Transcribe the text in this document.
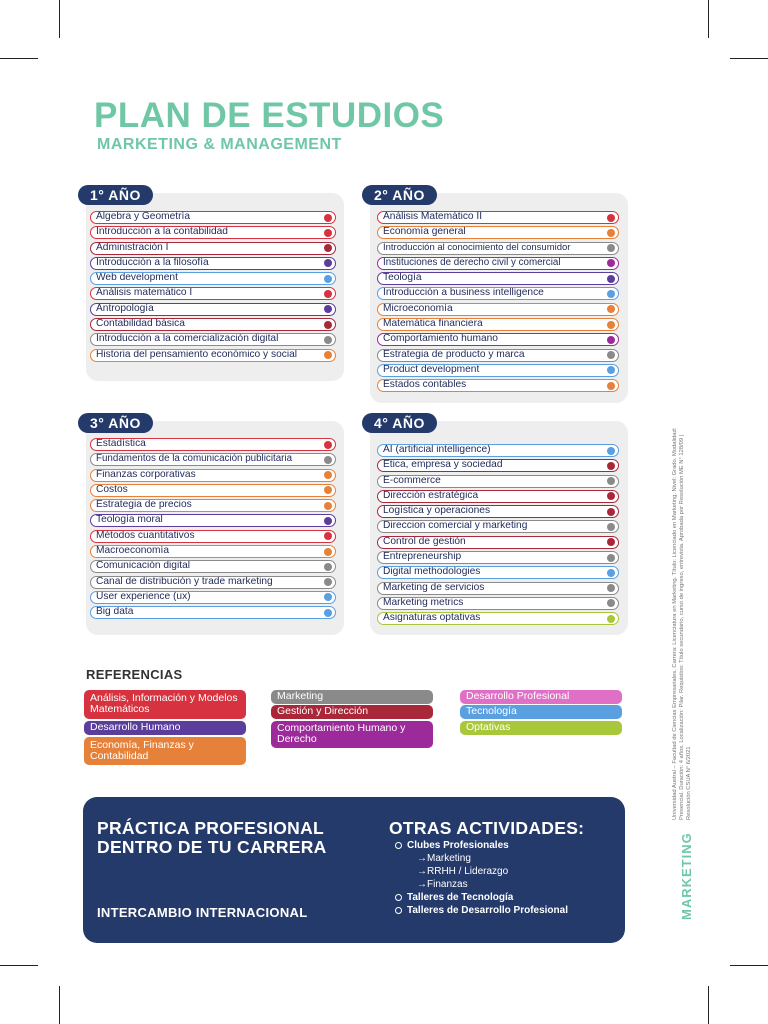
PLAN DE ESTUDIOS
MARKETING & MANAGEMENT
1° AÑO
Álgebra y Geometría
Introducción a la contabilidad
Administración I
Introducción a la filosofía
Web development
Análisis matemático I
Antropología
Contabilidad básica
Introducción a la comercialización digital
Historia del pensamiento económico y social
2° AÑO
Análisis Matemático II
Economía general
Introducción al conocimiento del consumidor
Instituciones de derecho civil y comercial
Teología
Introducción a business intelligence
Microeconomía
Matemática financiera
Comportamiento humano
Estrategia de producto y marca
Product development
Estados contables
3° AÑO
Estadística
Fundamentos de la comunicación publicitaria
Finanzas corporativas
Costos
Estrategia de precios
Teología moral
Métodos cuantitativos
Macroeconomía
Comunicación digital
Canal de distribución y trade marketing
User experience (ux)
Big data
4° AÑO
AI (artificial intelligence)
Ética, empresa y sociedad
E-commerce
Dirección estratégica
Logística y operaciones
Direccion comercial y marketing
Control de gestión
Entrepreneurship
Digital methodologies
Marketing de servicios
Marketing metrics
Asignaturas optativas
REFERENCIAS
Análisis, Información y Modelos Matemáticos
Desarrollo Humano
Economía, Finanzas y Contabilidad
Marketing
Gestión y Dirección
Comportamiento Humano y Derecho
Desarrollo Profesional
Tecnología
Optativas
PRÁCTICA PROFESIONAL DENTRO DE TU CARRERA
INTERCAMBIO INTERNACIONAL
OTRAS ACTIVIDADES:
Clubes Profesionales
→Marketing
→RRHH / Liderazgo
→Finanzas
Talleres de Tecnología
Talleres de Desarrollo Profesional
Universidad Austral – Facultad de Ciencias Empresariales. Carrera: Licenciatura en Marketing. Título: Licenciado en Marketing. Nivel: Grado. Modalidad: Presencial. Duración: 4 años. Localización: Pilar. Requisitos: Título secundario, curso de ingreso, entrevista. Aprobada por Resolución ME N° 128/09 | Resolución CSUA N° 6/2021
MARKETING
